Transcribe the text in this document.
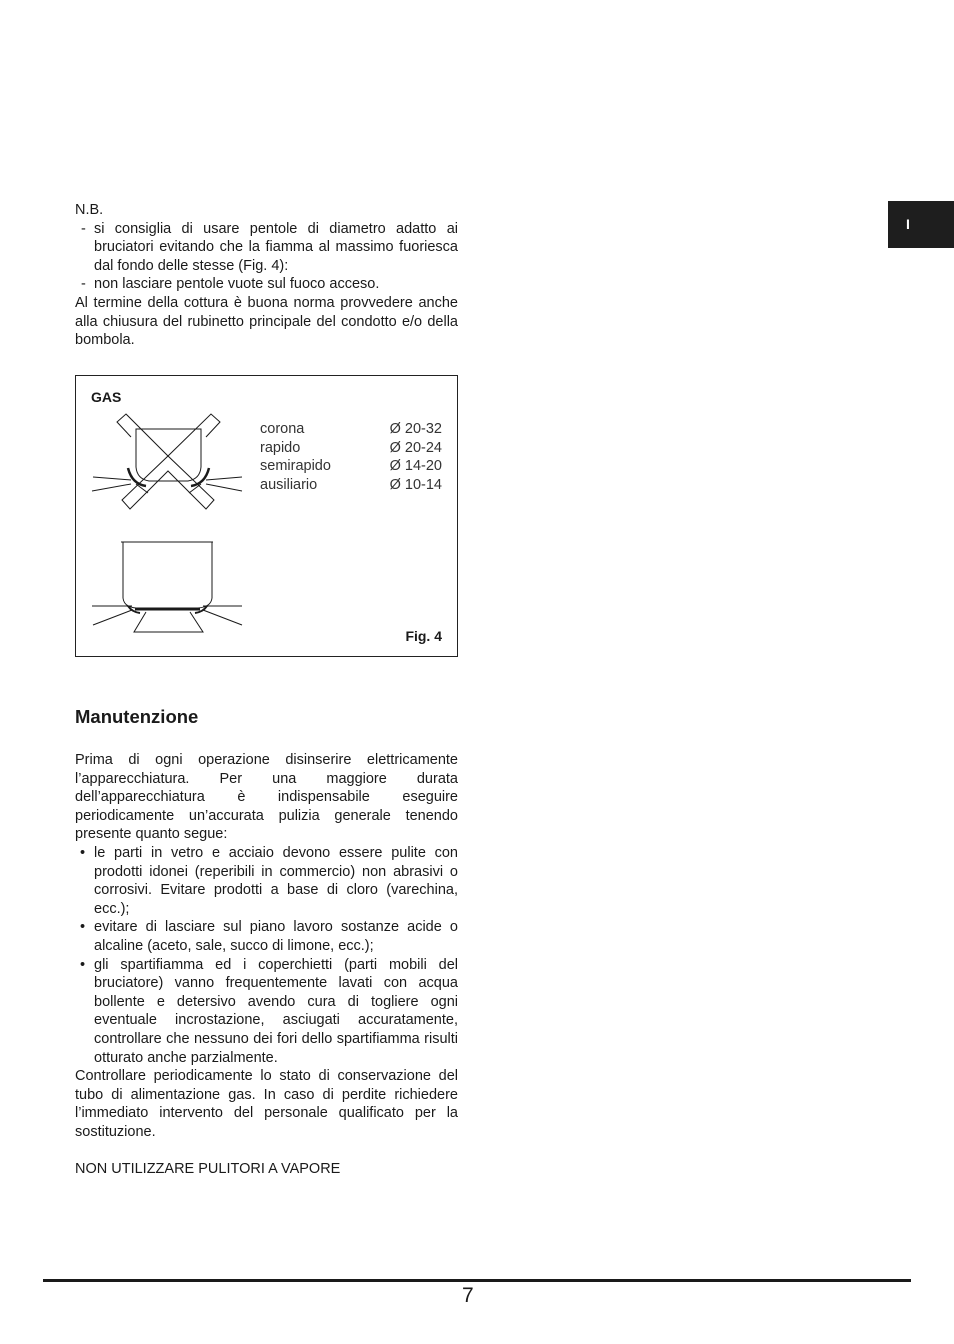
I
N.B.
- si consiglia di usare pentole di diametro adatto ai bruciatori evitando che la fiamma al massimo fuoriesca dal fondo delle stesse (Fig. 4):
- non lasciare pentole vuote sul fuoco acceso.
Al termine della cottura è buona norma provvedere anche alla chiusura del rubinetto principale del condotto e/o della bombola.
GAS
corona	Ø 20-32
rapido	Ø 20-24
semirapido	Ø 14-20
ausiliario	Ø 10-14
Fig. 4
Manutenzione
Prima di ogni operazione disinserire elettricamente l’apparecchiatura. Per una maggiore durata dell’apparecchiatura è indispensabile eseguire periodicamente un’accurata pulizia generale tenendo presente quanto segue:
• le parti in vetro e acciaio devono essere pulite con prodotti idonei (reperibili in commercio) non abrasivi o corrosivi. Evitare prodotti a base di cloro (varechina, ecc.);
• evitare di lasciare sul piano lavoro sostanze acide o alcaline (aceto, sale, succo di limone, ecc.);
• gli spartifiamma ed i coperchietti (parti mobili del bruciatore) vanno frequentemente lavati con acqua bollente e detersivo avendo cura di togliere ogni eventuale incrostazione, asciugati accuratamente, controllare che nessuno dei fori dello spartifiamma risulti otturato anche parzialmente.
Controllare periodicamente lo stato di conservazione del tubo di alimentazione gas. In caso di perdite richiedere l’immediato intervento del personale qualificato per la sostituzione.
NON UTILIZZARE PULITORI A VAPORE
7
